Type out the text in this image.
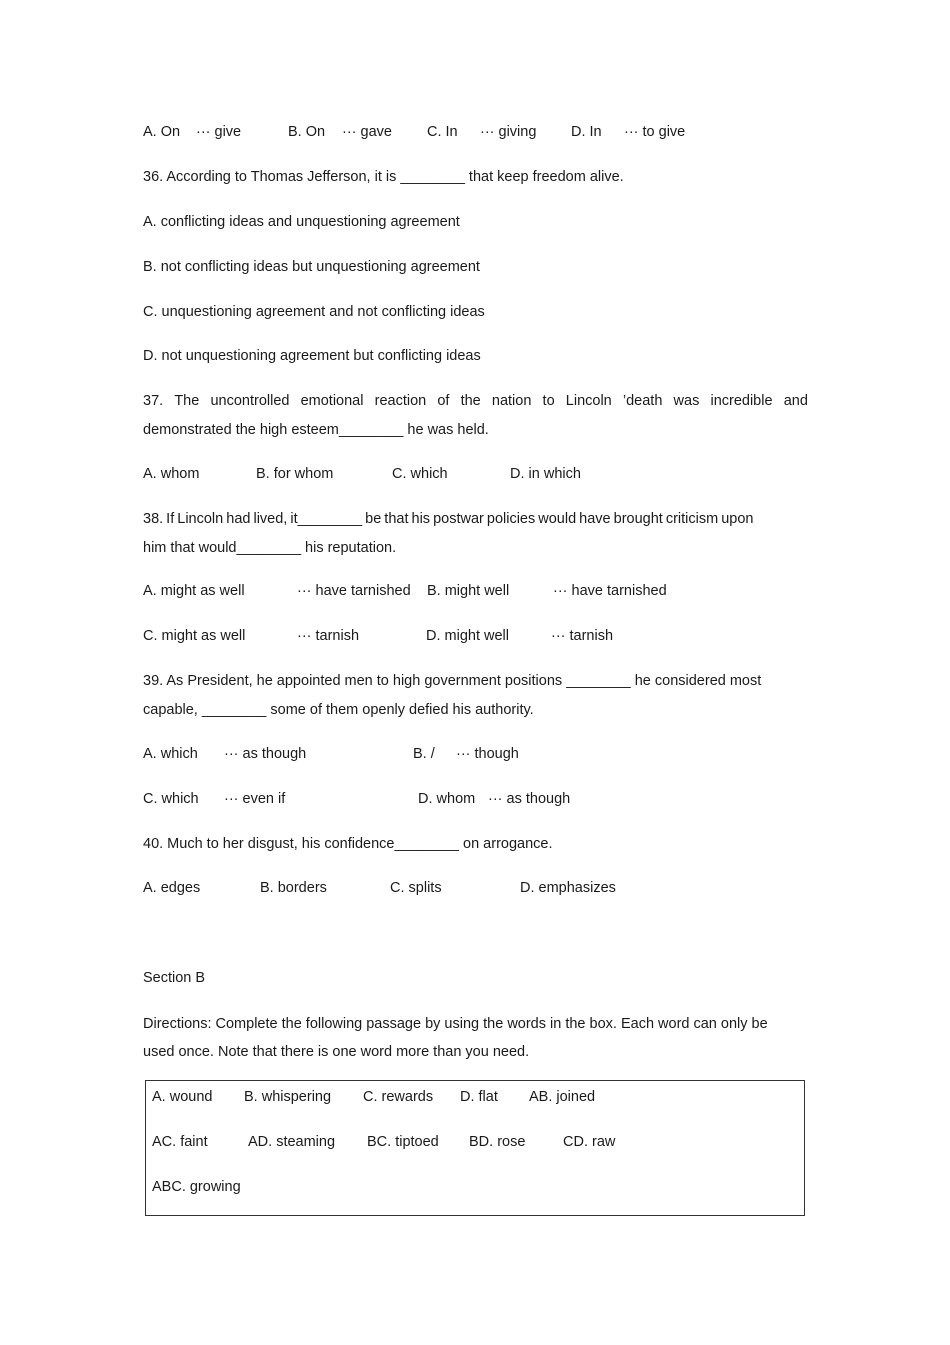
A. On ··· give	B. On ··· gave C. In ··· giving D. In ··· to give
36. According to Thomas Jefferson, it is ________ that keep freedom alive.
A. conflicting ideas and unquestioning agreement
B. not conflicting ideas but unquestioning agreement
C. unquestioning agreement and not conflicting ideas
D. not unquestioning agreement but conflicting ideas
37. The uncontrolled emotional reaction of the nation to Lincoln ’death was incredible and
demonstrated the high esteem________ he was held.
A. whom	B. for whom	C. which	D. in which
38. If Lincoln had lived, it________ be that his postwar policies would have brought criticism upon
him that would________ his reputation.
A. might as well	··· have tarnished B. might well	··· have tarnished
C. might as well	··· tarnish	D. might well	··· tarnish
39. As President, he appointed men to high government positions ________ he considered most
capable, ________ some of them openly defied his authority.
A. which ··· as though	B. / ··· though
C. which ··· even if	D. whom ··· as though
40. Much to her disgust, his confidence________ on arrogance.
A. edges	B. borders	C. splits	D. emphasizes
Section B
Directions: Complete the following passage by using the words in the box. Each word can only be
used once. Note that there is one word more than you need.
A. wound B. whispering C. rewards D. flat AB. joined
AC. faint	AD. steaming BC. tiptoed BD. rose	CD. raw
ABC. growing
